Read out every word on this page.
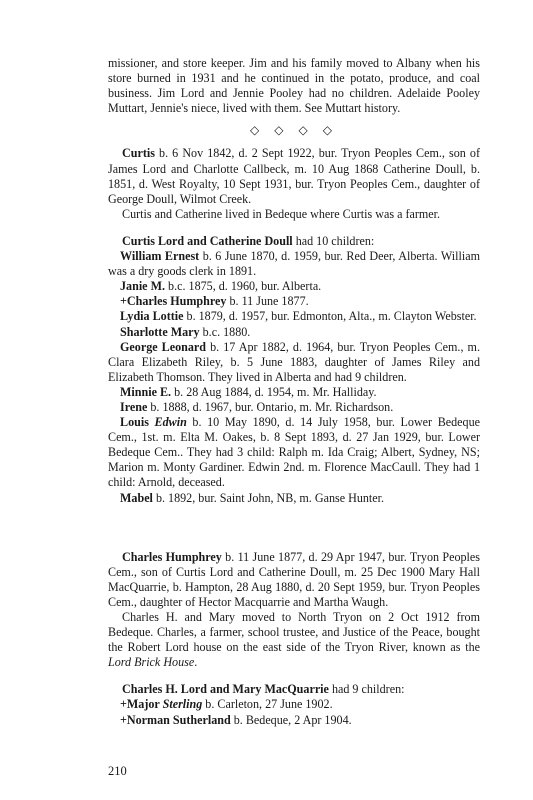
missioner, and store keeper. Jim and his family moved to Albany when his store burned in 1931 and he continued in the potato, produce, and coal business. Jim Lord and Jennie Pooley had no children. Adelaide Pooley Muttart, Jennie's niece, lived with them. See Muttart history.

◇ ◇ ◇ ◇

Curtis b. 6 Nov 1842, d. 2 Sept 1922, bur. Tryon Peoples Cem., son of James Lord and Charlotte Callbeck, m. 10 Aug 1868 Catherine Doull, b. 1851, d. West Royalty, 10 Sept 1931, bur. Tryon Peoples Cem., daughter of George Doull, Wilmot Creek.

Curtis and Catherine lived in Bedeque where Curtis was a farmer.

Curtis Lord and Catherine Doull had 10 children:

William Ernest b. 6 June 1870, d. 1959, bur. Red Deer, Alberta. William was a dry goods clerk in 1891.

Janie M. b.c. 1875, d. 1960, bur. Alberta.

+Charles Humphrey b. 11 June 1877.

Lydia Lottie b. 1879, d. 1957, bur. Edmonton, Alta., m. Clayton Webster.

Sharlotte Mary b.c. 1880.

George Leonard b. 17 Apr 1882, d. 1964, bur. Tryon Peoples Cem., m. Clara Elizabeth Riley, b. 5 June 1883, daughter of James Riley and Elizabeth Thomson. They lived in Alberta and had 9 children.

Minnie E. b. 28 Aug 1884, d. 1954, m. Mr. Halliday.

Irene b. 1888, d. 1967, bur. Ontario, m. Mr. Richardson.

Louis Edwin b. 10 May 1890, d. 14 July 1958, bur. Lower Bedeque Cem., 1st. m. Elta M. Oakes, b. 8 Sept 1893, d. 27 Jan 1929, bur. Lower Bedeque Cem.. They had 3 child: Ralph m. Ida Craig; Albert, Sydney, NS; Marion m. Monty Gardiner. Edwin 2nd. m. Florence MacCaull. They had 1 child: Arnold, deceased.

Mabel b. 1892, bur. Saint John, NB, m. Ganse Hunter.

Charles Humphrey b. 11 June 1877, d. 29 Apr 1947, bur. Tryon Peoples Cem., son of Curtis Lord and Catherine Doull, m. 25 Dec 1900 Mary Hall MacQuarrie, b. Hampton, 28 Aug 1880, d. 20 Sept 1959, bur. Tryon Peoples Cem., daughter of Hector Macquarrie and Martha Waugh.

Charles H. and Mary moved to North Tryon on 2 Oct 1912 from Bedeque. Charles, a farmer, school trustee, and Justice of the Peace, bought the Robert Lord house on the east side of the Tryon River, known as the Lord Brick House.

Charles H. Lord and Mary MacQuarrie had 9 children:

+Major Sterling b. Carleton, 27 June 1902.

+Norman Sutherland b. Bedeque, 2 Apr 1904.

210
